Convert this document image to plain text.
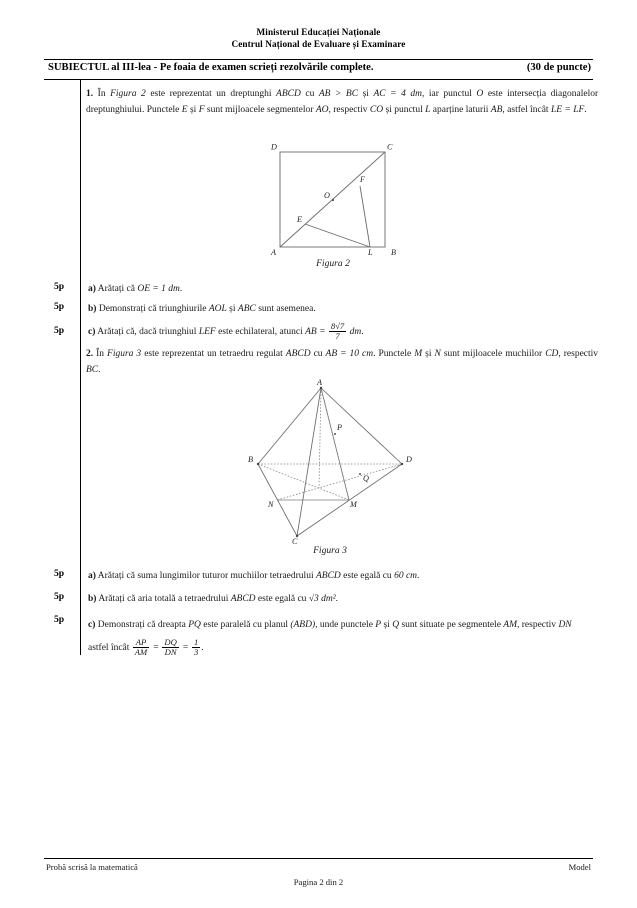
Ministerul Educației Naționale
Centrul Național de Evaluare și Examinare
SUBIECTUL al III-lea - Pe foaia de examen scrieți rezolvările complete.	(30 de puncte)
1. În Figura 2 este reprezentat un dreptunghi ABCD cu AB > BC și AC = 4 dm, iar punctul O este intersecția diagonalelor dreptunghiului. Punctele E și F sunt mijloacele segmentelor AO, respectiv CO și punctul L aparține laturii AB, astfel încât LE = LF.
D	C
A	B
E
F
O
L
Figura 2
5p	a) Arătați că OE = 1 dm.
5p	b) Demonstrați că triunghiurile AOL și ABC sunt asemenea.
5p	c) Arătați că, dacă triunghiul LEF este echilateral, atunci AB = $\frac{8√7}{7}$ dm.
2. În Figura 3 este reprezentat un tetraedru regulat ABCD cu AB = 10 cm. Punctele M și N sunt mijloacele muchiilor CD, respectiv BC.
A
B	D
C
P
Q
M
N
Figura 3
5p	a) Arătați că suma lungimilor tuturor muchiilor tetraedrului ABCD este egală cu 60 cm.
5p	b) Arătați că aria totală a tetraedrului ABCD este egală cu √3 dm².
5p	c) Demonstrați că dreapta PQ este paralelă cu planul (ABD), unde punctele P și Q sunt situate pe segmentele AM, respectiv DN astfel încât $\frac{AP}{AM} = \frac{DQ}{DN} = \frac{1}{3}$ .
Probă scrisă la matematică	Model
Pagina 2 din 2
